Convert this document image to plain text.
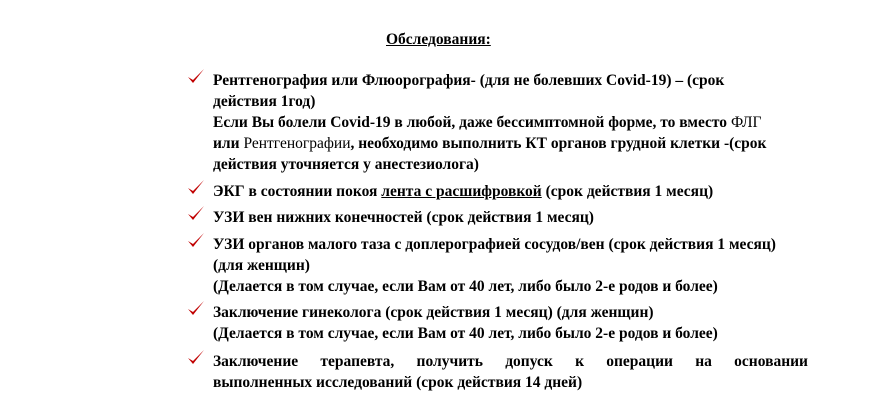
Обследования:
Рентгенография или Флюорография- (для не болевших Covid-19) – (срок
действия 1год)
Если Вы болели Covid-19 в любой, даже бессимптомной форме, то вместо ФЛГ
или Рентгенографии, необходимо выполнить КТ органов грудной клетки -(срок
действия уточняется у анестезиолога)
ЭКГ в состоянии покоя лента с расшифровкой (срок действия 1 месяц)
УЗИ вен нижних конечностей (срок действия 1 месяц)
УЗИ органов малого таза с доплерографией сосудов/вен (срок действия 1 месяц)
(для женщин)
(Делается в том случае, если Вам от 40 лет, либо было 2-е родов и более)
Заключение гинеколога (срок действия 1 месяц) (для женщин)
(Делается в том случае, если Вам от 40 лет, либо было 2-е родов и более)
Заключение терапевта, получить допуск к операции на основании
выполненных исследований (срок действия 14 дней)
